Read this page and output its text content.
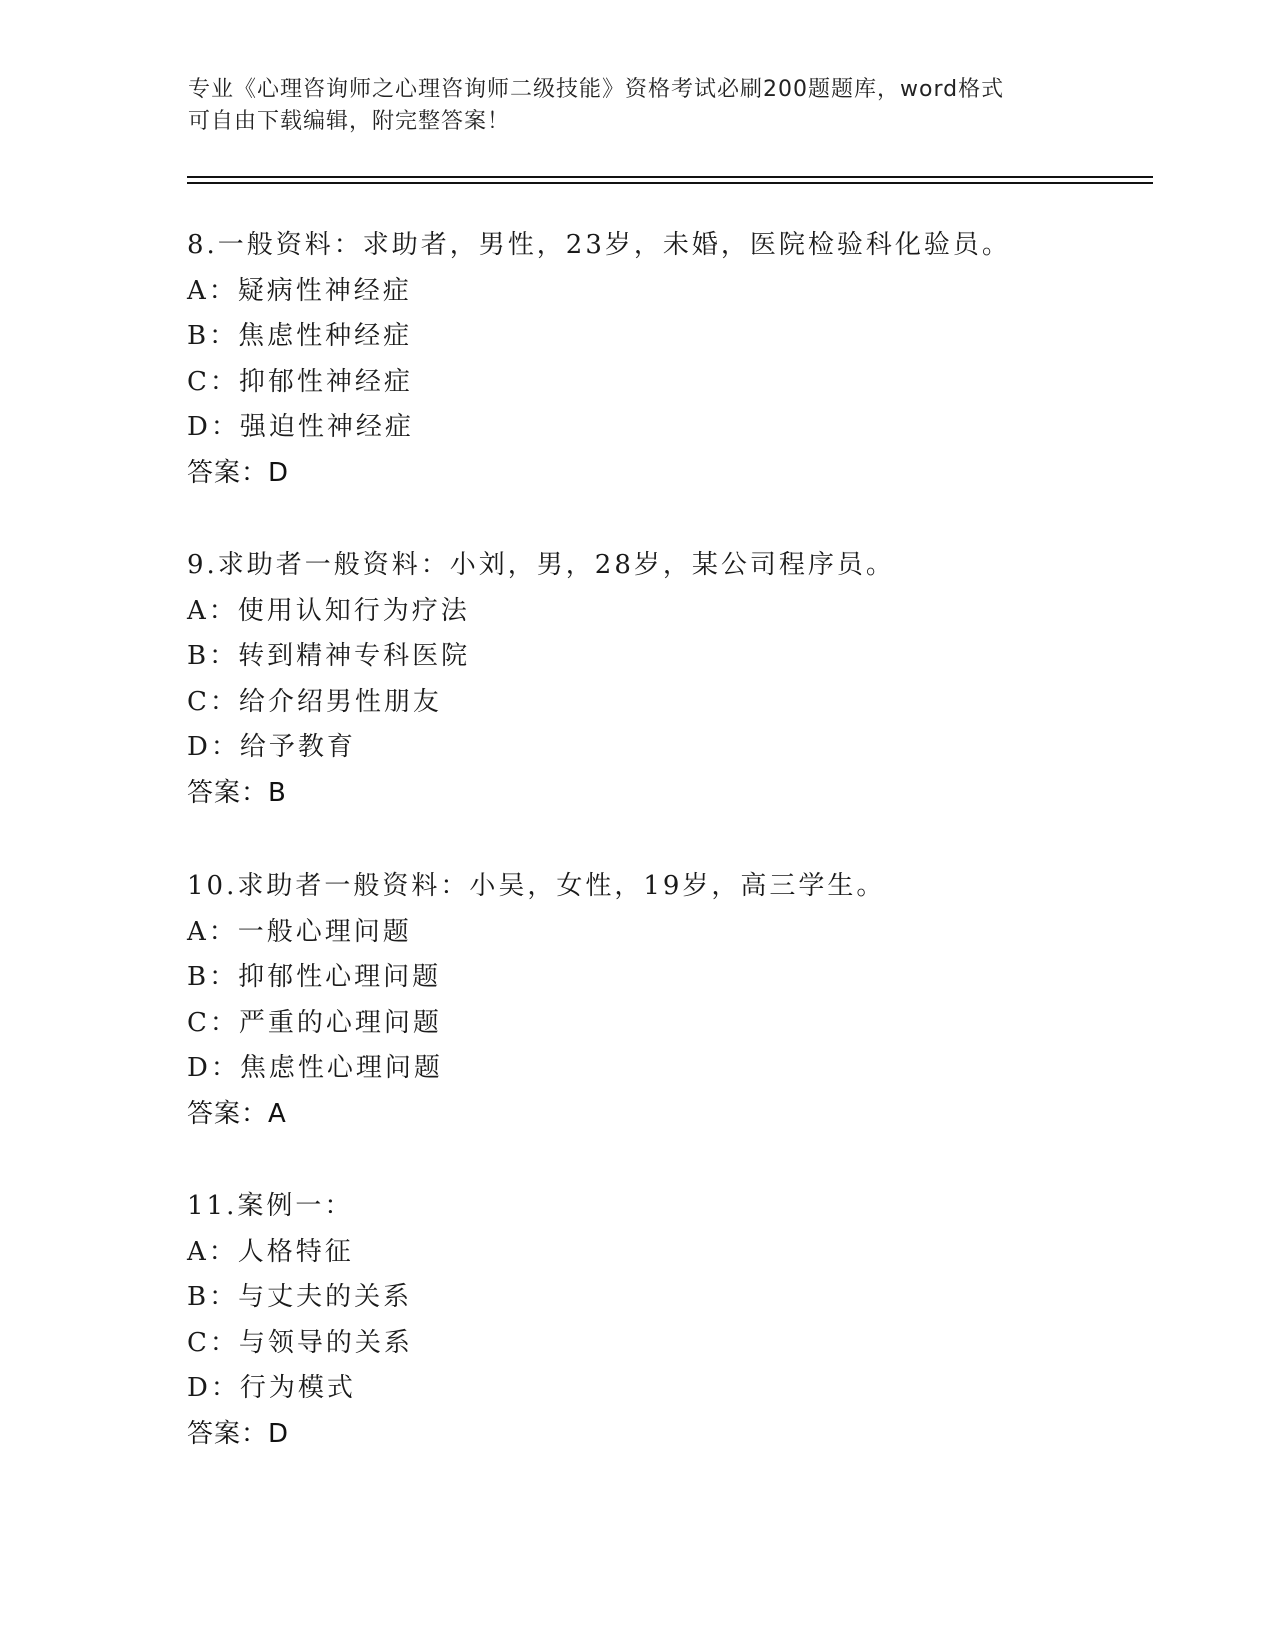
专业《心理咨询师之心理咨询师二级技能》资格考试必刷200题题库，word格式
可自由下载编辑，附完整答案！
8.一般资料：求助者，男性，23岁，未婚，医院检验科化验员。
A：疑病性神经症
B：焦虑性种经症
C：抑郁性神经症
D：强迫性神经症
答案：D
9.求助者一般资料：小刘，男，28岁，某公司程序员。
A：使用认知行为疗法
B：转到精神专科医院
C：给介绍男性朋友
D：给予教育
答案：B
10.求助者一般资料：小吴，女性，19岁，高三学生。
A：一般心理问题
B：抑郁性心理问题
C：严重的心理问题
D：焦虑性心理问题
答案：A
11.案例一：
A：人格特征
B：与丈夫的关系
C：与领导的关系
D：行为模式
答案：D
